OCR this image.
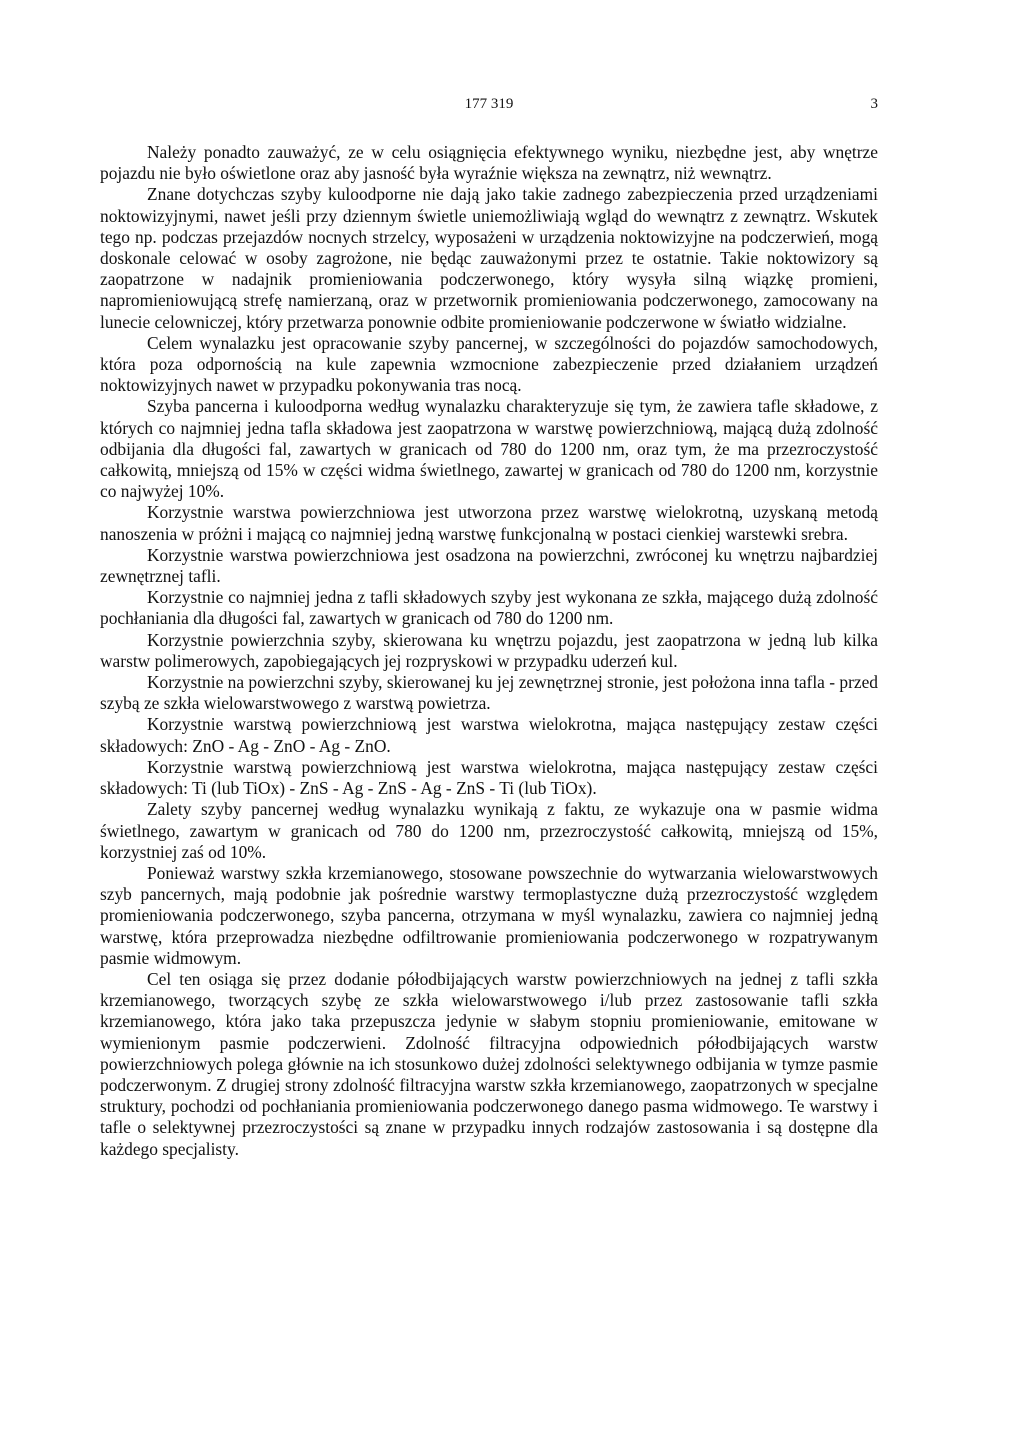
177 319	3

Należy ponadto zauważyć, ze w celu osiągnięcia efektywnego wyniku, niezbędne jest, aby wnętrze pojazdu nie było oświetlone oraz aby jasność była wyraźnie większa na zewnątrz, niż wewnątrz.

Znane dotychczas szyby kuloodporne nie dają jako takie zadnego zabezpieczenia przed urządzeniami noktowizyjnymi, nawet jeśli przy dziennym świetle uniemożliwiają wgląd do wewnątrz z zewnątrz. Wskutek tego np. podczas przejazdów nocnych strzelcy, wyposażeni w urządzenia noktowizyjne na podczerwień, mogą doskonale celować w osoby zagrożone, nie będąc zauważonymi przez te ostatnie. Takie noktowizory są zaopatrzone w nadajnik promieniowania podczerwonego, który wysyła silną wiązkę promieni, napromieniowującą strefę namierzaną, oraz w przetwornik promieniowania podczerwonego, zamocowany na lunecie celowniczej, który przetwarza ponownie odbite promieniowanie podczerwone w światło widzialne.

Celem wynalazku jest opracowanie szyby pancernej, w szczególności do pojazdów samochodowych, która poza odpornością na kule zapewnia wzmocnione zabezpieczenie przed działaniem urządzeń noktowizyjnych nawet w przypadku pokonywania tras nocą.

Szyba pancerna i kuloodporna według wynalazku charakteryzuje się tym, że zawiera tafle składowe, z których co najmniej jedna tafla składowa jest zaopatrzona w warstwę powierzchniową, mającą dużą zdolność odbijania dla długości fal, zawartych w granicach od 780 do 1200 nm, oraz tym, że ma przezroczystość całkowitą, mniejszą od 15% w części widma świetlnego, zawartej w granicach od 780 do 1200 nm, korzystnie co najwyżej 10%.

Korzystnie warstwa powierzchniowa jest utworzona przez warstwę wielokrotną, uzyskaną metodą nanoszenia w próżni i mającą co najmniej jedną warstwę funkcjonalną w postaci cienkiej warstewki srebra.

Korzystnie warstwa powierzchniowa jest osadzona na powierzchni, zwróconej ku wnętrzu najbardziej zewnętrznej tafli.

Korzystnie co najmniej jedna z tafli składowych szyby jest wykonana ze szkła, mającego dużą zdolność pochłaniania dla długości fal, zawartych w granicach od 780 do 1200 nm.

Korzystnie powierzchnia szyby, skierowana ku wnętrzu pojazdu, jest zaopatrzona w jedną lub kilka warstw polimerowych, zapobiegających jej rozpryskowi w przypadku uderzeń kul.

Korzystnie na powierzchni szyby, skierowanej ku jej zewnętrznej stronie, jest położona inna tafla - przed szybą ze szkła wielowarstwowego z warstwą powietrza.

Korzystnie warstwą powierzchniową jest warstwa wielokrotna, mająca następujący zestaw części składowych: ZnO - Ag - ZnO - Ag - ZnO.

Korzystnie warstwą powierzchniową jest warstwa wielokrotna, mająca następujący zestaw części składowych: Ti (lub TiOx) - ZnS - Ag - ZnS - Ag - ZnS - Ti (lub TiOx).

Zalety szyby pancernej według wynalazku wynikają z faktu, ze wykazuje ona w pasmie widma świetlnego, zawartym w granicach od 780 do 1200 nm, przezroczystość całkowitą, mniejszą od 15%, korzystniej zaś od 10%.

Ponieważ warstwy szkła krzemianowego, stosowane powszechnie do wytwarzania wielowarstwowych szyb pancernych, mają podobnie jak pośrednie warstwy termoplastyczne dużą przezroczystość względem promieniowania podczerwonego, szyba pancerna, otrzymana w myśl wynalazku, zawiera co najmniej jedną warstwę, która przeprowadza niezbędne odfiltrowanie promieniowania podczerwonego w rozpatrywanym pasmie widmowym.

Cel ten osiąga się przez dodanie półodbijających warstw powierzchniowych na jednej z tafli szkła krzemianowego, tworzących szybę ze szkła wielowarstwowego i/lub przez zastosowanie tafli szkła krzemianowego, która jako taka przepuszcza jedynie w słabym stopniu promieniowanie, emitowane w wymienionym pasmie podczerwieni. Zdolność filtracyjna odpowiednich półodbijających warstw powierzchniowych polega głównie na ich stosunkowo dużej zdolności selektywnego odbijania w tymze pasmie podczerwonym. Z drugiej strony zdolność filtracyjna warstw szkła krzemianowego, zaopatrzonych w specjalne struktury, pochodzi od pochłaniania promieniowania podczerwonego danego pasma widmowego. Te warstwy i tafle o selektywnej przezroczystości są znane w przypadku innych rodzajów zastosowania i są dostępne dla każdego specjalisty.
